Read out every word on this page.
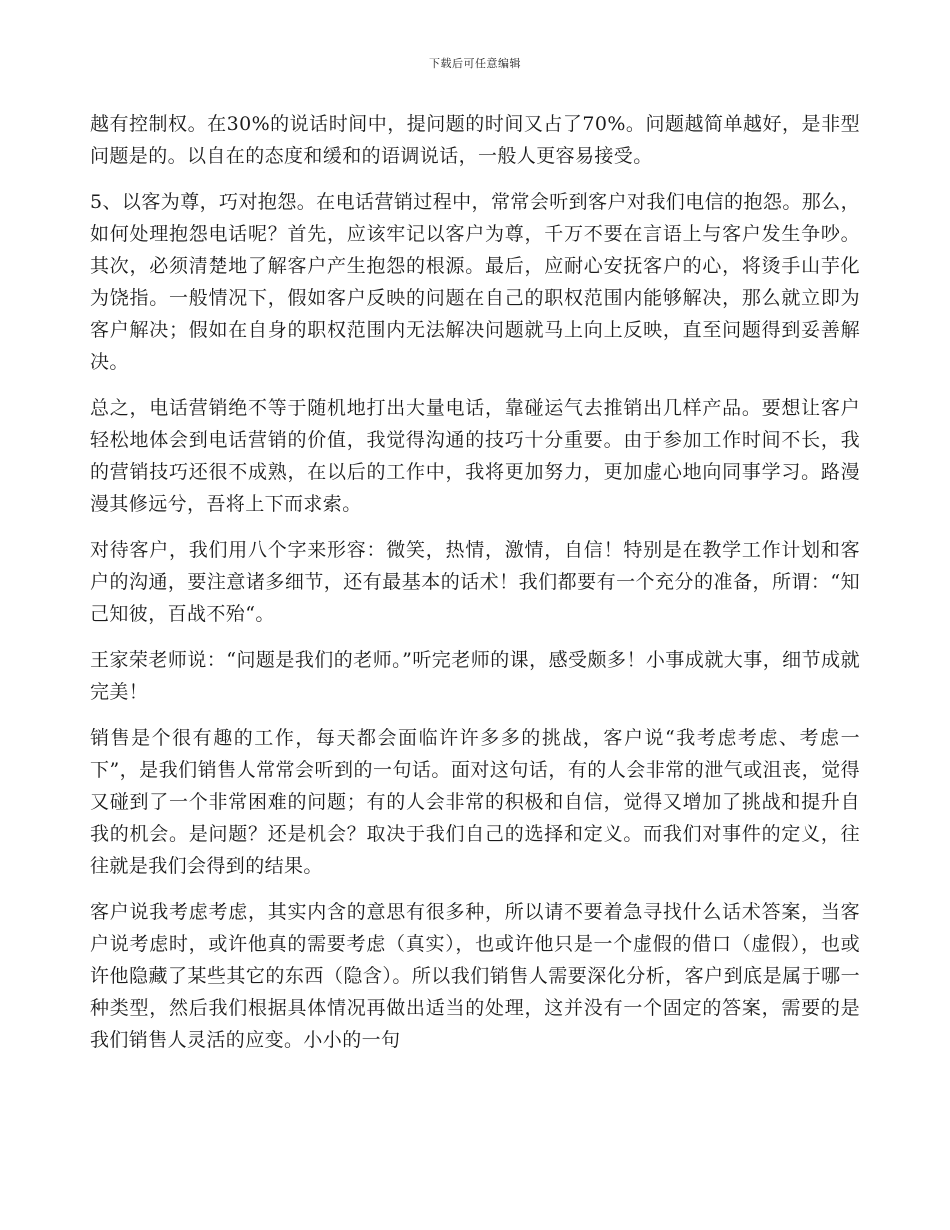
下载后可任意编辑

越有控制权。在30%的说话时间中，提问题的时间又占了70%。问题越简单越好，是非型问题是的。以自在的态度和缓和的语调说话，一般人更容易接受。

5、以客为尊，巧对抱怨。在电话营销过程中，常常会听到客户对我们电信的抱怨。那么，如何处理抱怨电话呢？首先，应该牢记以客户为尊，千万不要在言语上与客户发生争吵。其次，必须清楚地了解客户产生抱怨的根源。最后，应耐心安抚客户的心，将烫手山芋化为饶指。一般情况下，假如客户反映的问题在自己的职权范围内能够解决，那么就立即为客户解决；假如在自身的职权范围内无法解决问题就马上向上反映，直至问题得到妥善解决。

总之，电话营销绝不等于随机地打出大量电话，靠碰运气去推销出几样产品。要想让客户轻松地体会到电话营销的价值，我觉得沟通的技巧十分重要。由于参加工作时间不长，我的营销技巧还很不成熟，在以后的工作中，我将更加努力，更加虚心地向同事学习。路漫漫其修远兮，吾将上下而求索。

对待客户，我们用八个字来形容：微笑，热情，激情，自信！特别是在教学工作计划和客户的沟通，要注意诸多细节，还有最基本的话术！我们都要有一个充分的准备，所谓：“知己知彼，百战不殆“。

王家荣老师说：“问题是我们的老师。”听完老师的课，感受颇多！小事成就大事，细节成就完美！

销售是个很有趣的工作，每天都会面临许许多多的挑战，客户说“我考虑考虑、考虑一下”，是我们销售人常常会听到的一句话。面对这句话，有的人会非常的泄气或沮丧，觉得又碰到了一个非常困难的问题；有的人会非常的积极和自信，觉得又增加了挑战和提升自我的机会。是问题？还是机会？取决于我们自己的选择和定义。而我们对事件的定义，往往就是我们会得到的结果。

客户说我考虑考虑，其实内含的意思有很多种，所以请不要着急寻找什么话术答案，当客户说考虑时，或许他真的需要考虑（真实），也或许他只是一个虚假的借口（虚假），也或许他隐藏了某些其它的东西（隐含）。所以我们销售人需要深化分析，客户到底是属于哪一种类型，然后我们根据具体情况再做出适当的处理，这并没有一个固定的答案，需要的是我们销售人灵活的应变。小小的一句
